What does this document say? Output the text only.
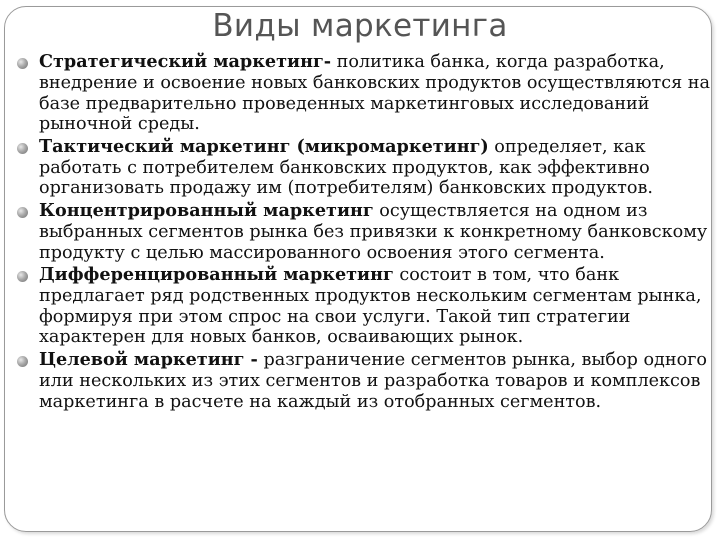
Виды маркетинга
Стратегический маркетинг- политика банка, когда разработка, внедрение и освоение новых банковских продуктов осуществляются на базе предварительно проведенных маркетинговых исследований рыночной среды.
Тактический маркетинг (микромаркетинг) определяет, как работать с потребителем банковских продуктов, как эффективно организовать продажу им (потребителям) банковских продуктов.
Концентрированный маркетинг осуществляется на одном из выбранных сегментов рынка без привязки к конкретному банковскому продукту с целью массированного освоения этого сегмента.
Дифференцированный маркетинг состоит в том, что банк предлагает ряд родственных продуктов нескольким сегментам рынка, формируя при этом спрос на свои услуги. Такой тип стратегии характерен для новых банков, осваивающих рынок.
Целевой маркетинг - разграничение сегментов рынка, выбор одного или нескольких из этих сегментов и разработка товаров и комплексов маркетинга в расчете на каждый из отобранных сегментов.
